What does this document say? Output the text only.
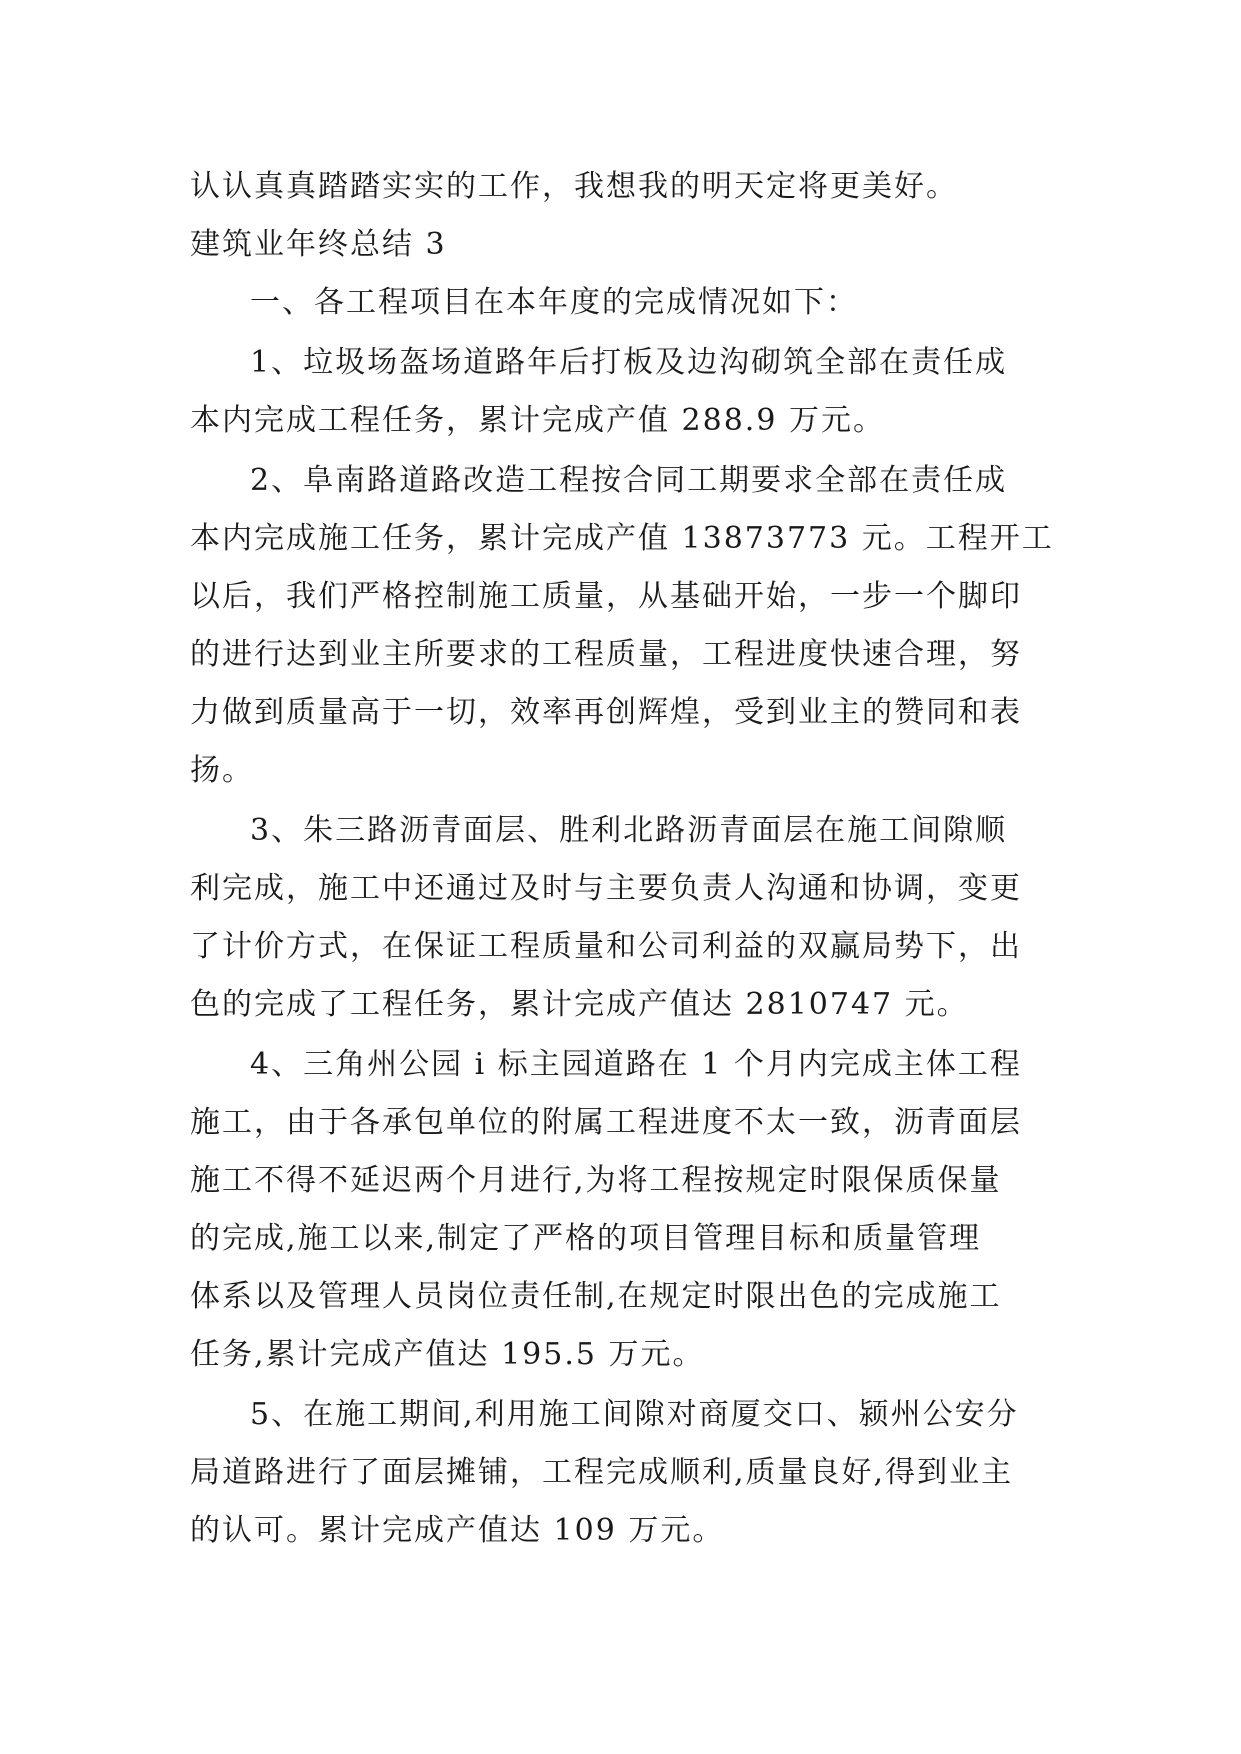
认认真真踏踏实实的工作，我想我的明天定将更美好。

建筑业年终总结 3

一、各工程项目在本年度的完成情况如下：

1、垃圾场盔场道路年后打板及边沟砌筑全部在责任成

本内完成工程任务，累计完成产值 288.9 万元。

2、阜南路道路改造工程按合同工期要求全部在责任成

本内完成施工任务，累计完成产值 13873773 元。工程开工

以后，我们严格控制施工质量，从基础开始，一步一个脚印

的进行达到业主所要求的工程质量，工程进度快速合理，努

力做到质量高于一切，效率再创辉煌，受到业主的赞同和表

扬。

3、朱三路沥青面层、胜利北路沥青面层在施工间隙顺

利完成，施工中还通过及时与主要负责人沟通和协调，变更

了计价方式，在保证工程质量和公司利益的双赢局势下，出

色的完成了工程任务，累计完成产值达 2810747 元。

4、三角州公园 i 标主园道路在 1 个月内完成主体工程

施工，由于各承包单位的附属工程进度不太一致，沥青面层

施工不得不延迟两个月进行,为将工程按规定时限保质保量

的完成,施工以来,制定了严格的项目管理目标和质量管理

体系以及管理人员岗位责任制,在规定时限出色的完成施工

任务,累计完成产值达 195.5 万元。

5、在施工期间,利用施工间隙对商厦交口、颍州公安分

局道路进行了面层摊铺，工程完成顺利,质量良好,得到业主

的认可。累计完成产值达 109 万元。
